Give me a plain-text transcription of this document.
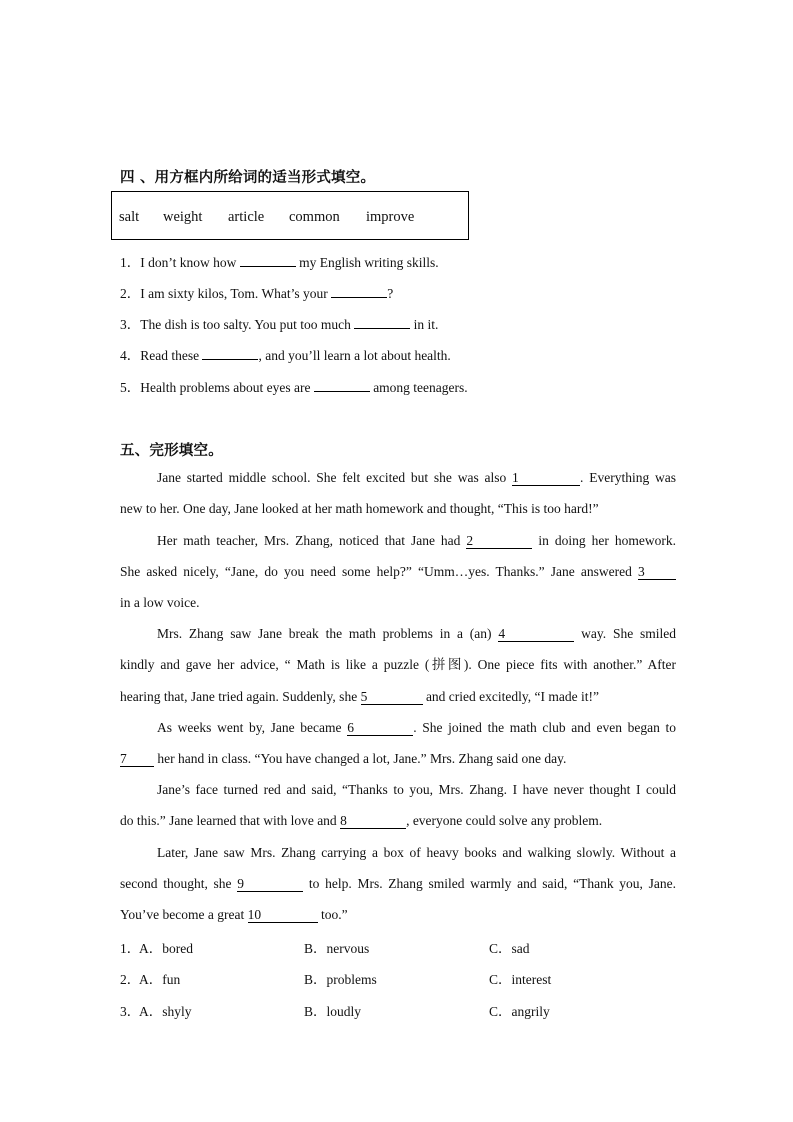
四 、用方框内所给词的适当形式填空。
salt weight article common improve
1．I don’t know how	my English writing skills.
2．I am sixty kilos, Tom. What’s your	?
3．The dish is too salty. You put too much	in it.
4．Read these	, and you’ll learn a lot about health.
5．Health problems about eyes are	among teenagers.
五、完形填空。
Jane started middle school. She felt excited but she was also 1	. Everything was
new to her. One day, Jane looked at her math homework and thought, “This is too hard!”
Her math teacher, Mrs. Zhang, noticed that Jane had 2	in doing her homework.
She asked nicely, “Jane, do you need some help?” “Umm…yes. Thanks.” Jane answered 3
in a low voice.
Mrs. Zhang saw Jane break the math problems in a (an) 4	way. She smiled
kindly and gave her advice, “ Math is like a puzzle (拼图). One piece fits with another.” After
hearing that, Jane tried again. Suddenly, she 5	and cried excitedly, “I made it!”
As weeks went by, Jane became 6	. She joined the math club and even began to
7 her hand in class. “You have changed a lot, Jane.” Mrs. Zhang said one day.
Jane’s face turned red and said, “Thanks to you, Mrs. Zhang. I have never thought I could
do this.” Jane learned that with love and 8	, everyone could solve any problem.
Later, Jane saw Mrs. Zhang carrying a box of heavy books and walking slowly. Without a
second thought, she 9	to help. Mrs. Zhang smiled warmly and said, “Thank you, Jane.
You’ve become a great 10	too.”
1．
A．bored	B．nervous	C．sad
2．
A．fun	B．problems	C．interest
3．
A．shyly	B．loudly	C．angrily
